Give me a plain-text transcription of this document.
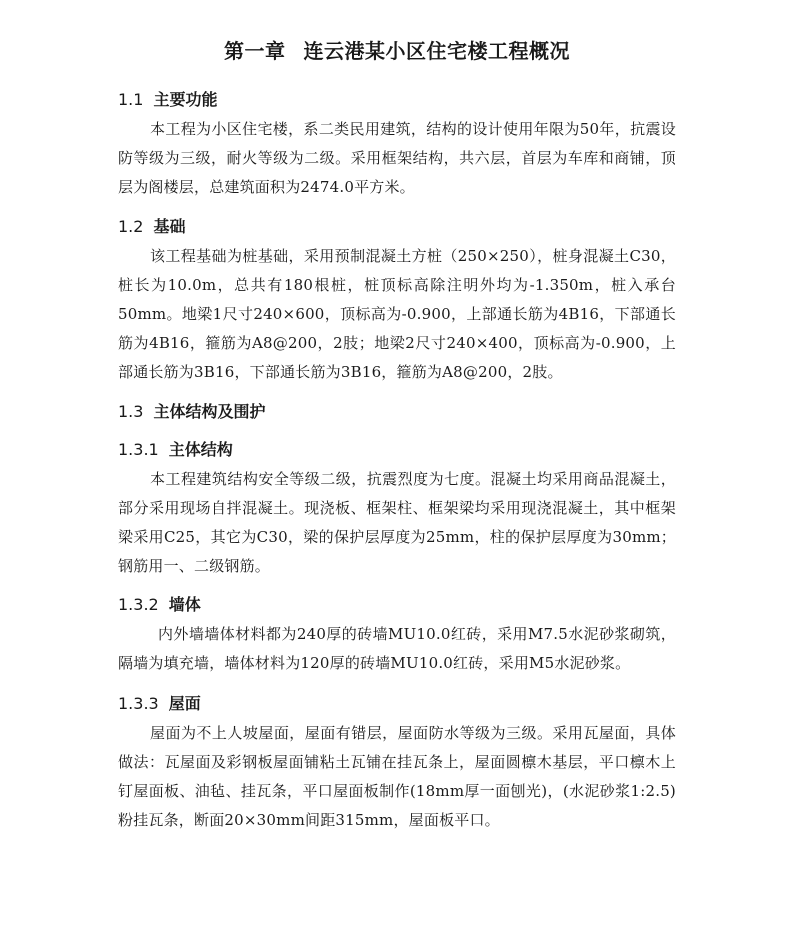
第一章 连云港某小区住宅楼工程概况
1.1 主要功能

本工程为小区住宅楼，系二类民用建筑，结构的设计使用年限为50年，抗震设防等级为三级，耐火等级为二级。采用框架结构，共六层，首层为车库和商铺，顶层为阁楼层，总建筑面积为2474.0平方米。

1.2 基础

该工程基础为桩基础，采用预制混凝土方桩（250×250），桩身混凝土C30，桩长为10.0m，总共有180根桩，桩顶标高除注明外均为-1.350m，桩入承台50mm。地梁1尺寸240×600，顶标高为-0.900，上部通长筋为4B16，下部通长筋为4B16，箍筋为A8@200，2肢；地梁2尺寸240×400，顶标高为-0.900，上部通长筋为3B16，下部通长筋为3B16，箍筋为A8@200，2肢。

1.3 主体结构及围护
1.3.1 主体结构

本工程建筑结构安全等级二级，抗震烈度为七度。混凝土均采用商品混凝土，部分采用现场自拌混凝土。现浇板、框架柱、框架梁均采用现浇混凝土，其中框架梁采用C25，其它为C30，梁的保护层厚度为25mm，柱的保护层厚度为30mm；钢筋用一、二级钢筋。

1.3.2 墙体

内外墙墙体材料都为240厚的砖墙MU10.0红砖，采用M7.5水泥砂浆砌筑，隔墙为填充墙，墙体材料为120厚的砖墙MU10.0红砖，采用M5水泥砂浆。

1.3.3 屋面

屋面为不上人坡屋面，屋面有错层，屋面防水等级为三级。采用瓦屋面，具体做法：瓦屋面及彩钢板屋面铺粘土瓦铺在挂瓦条上，屋面圆檩木基层，平口檩木上钉屋面板、油毡、挂瓦条，平口屋面板制作(18mm厚一面刨光)，(水泥砂浆1:2.5)粉挂瓦条，断面20×30mm间距315mm，屋面板平口。
